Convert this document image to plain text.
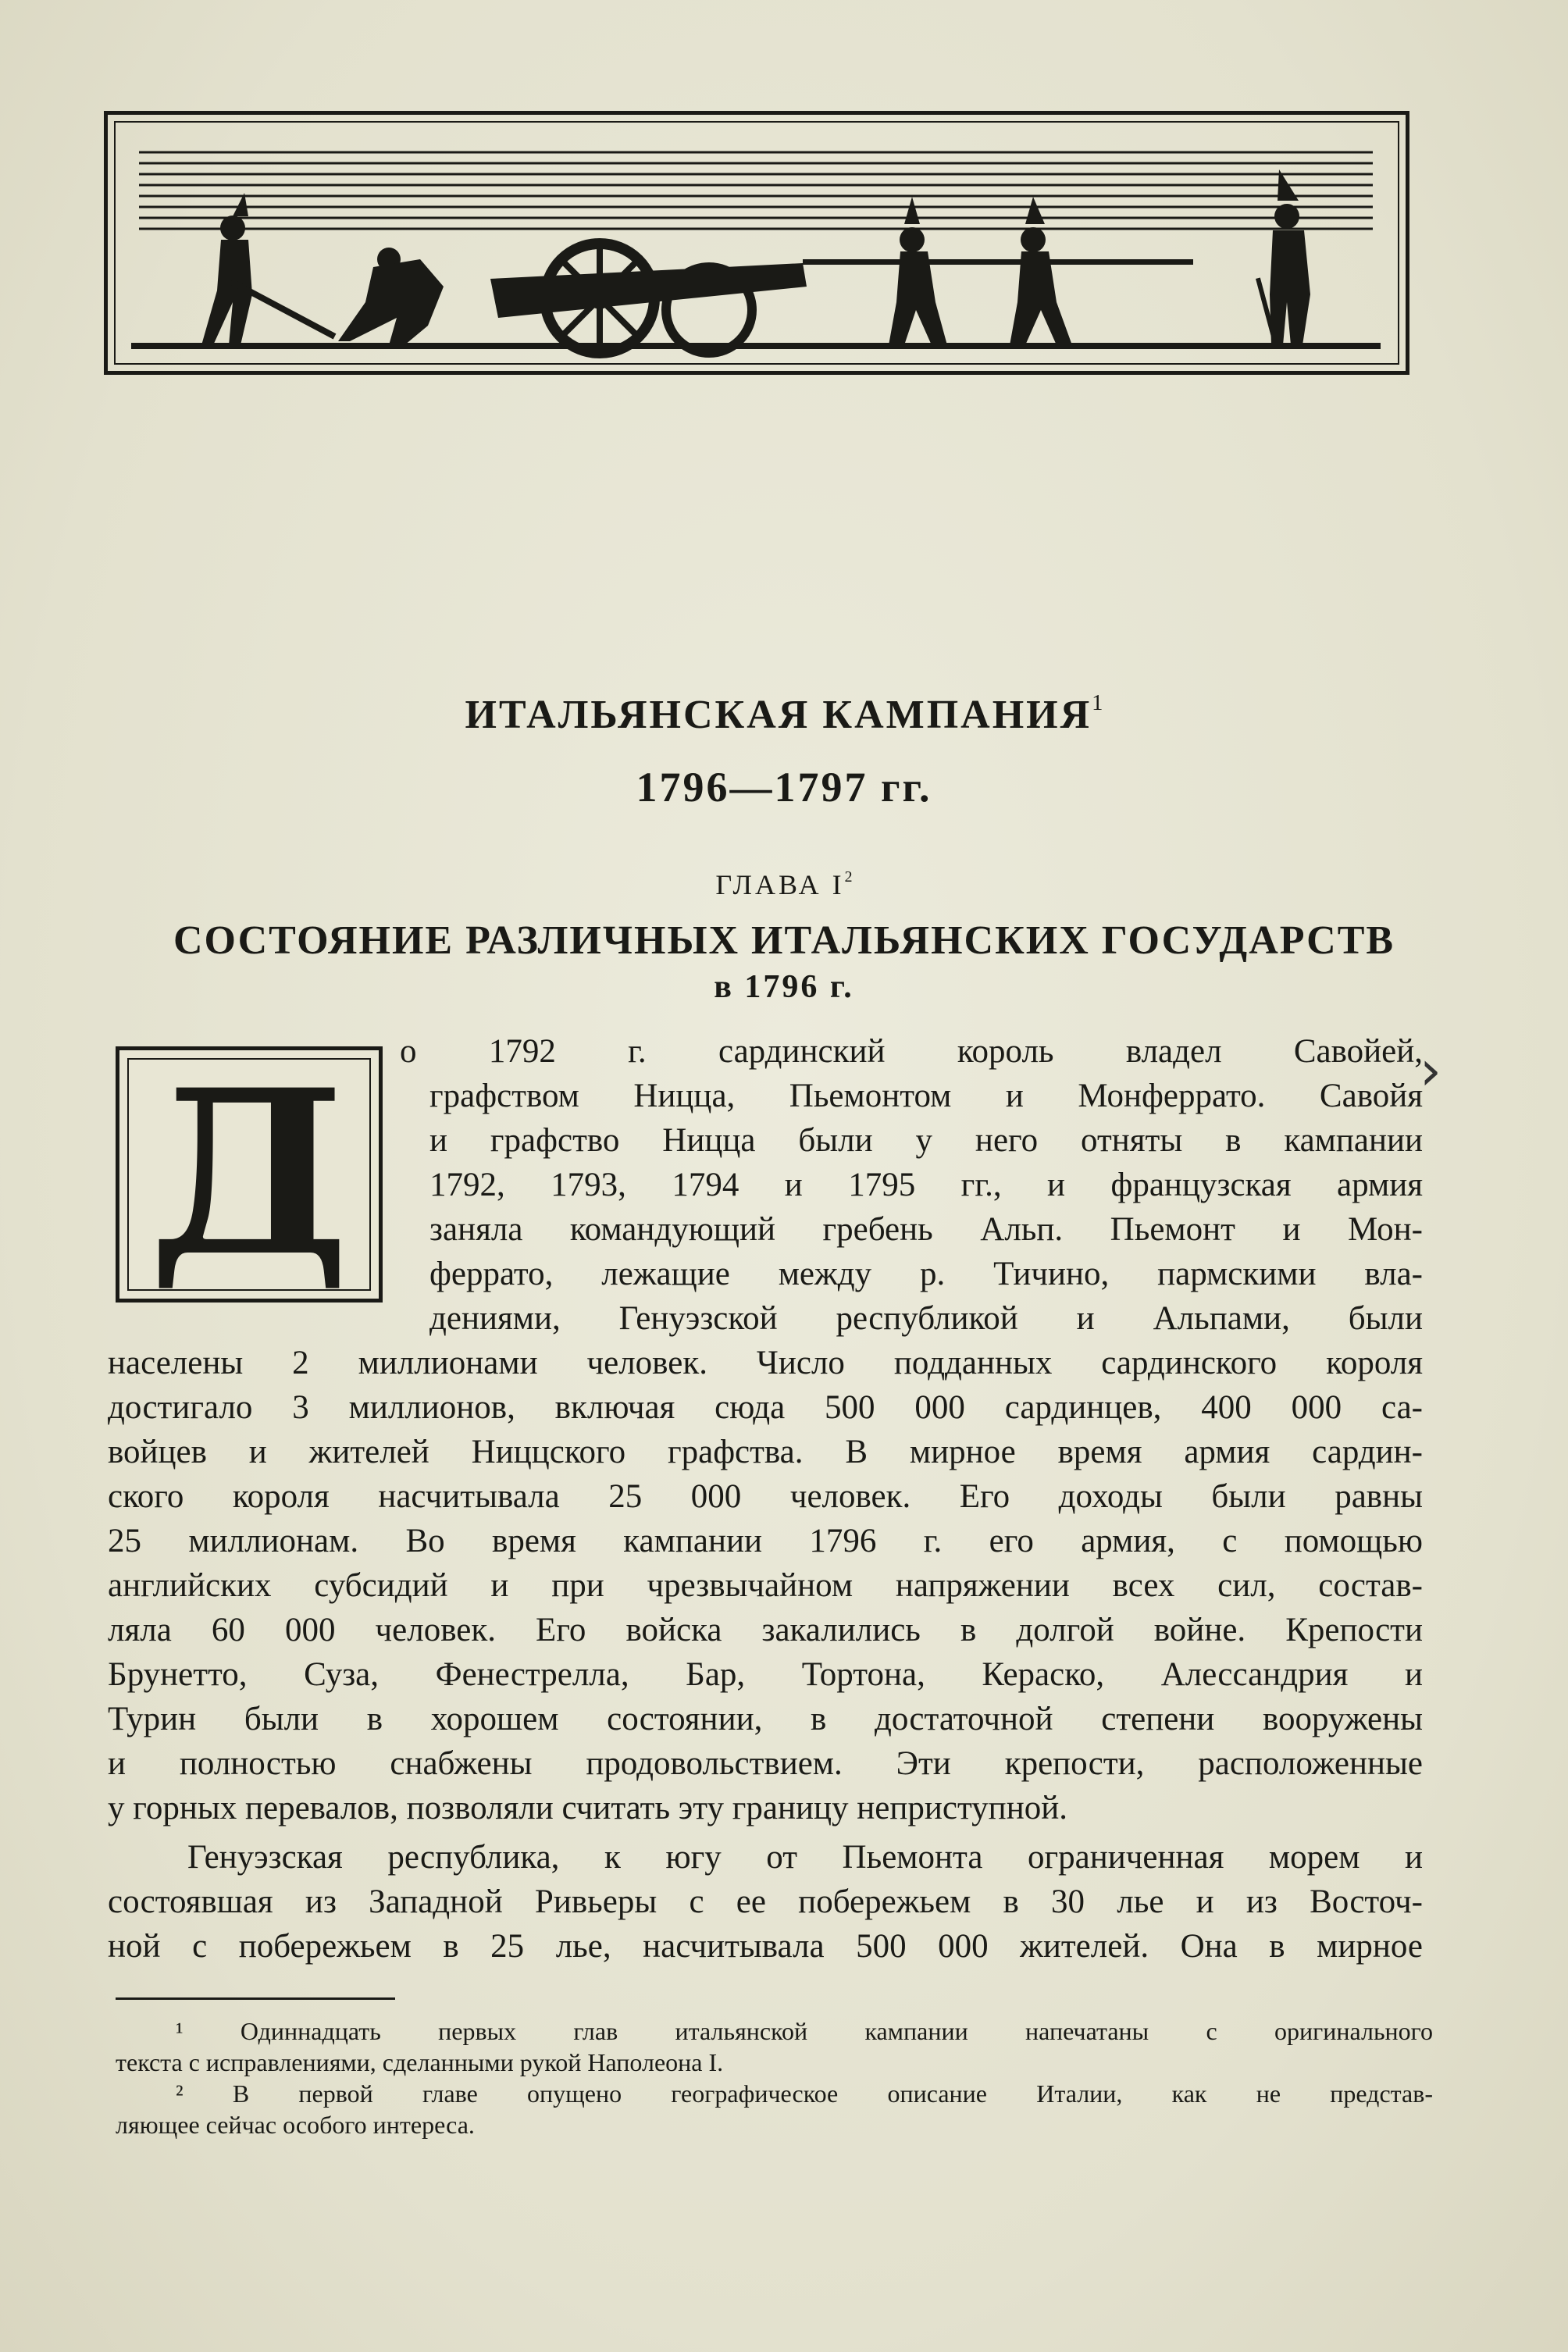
ИТАЛЬЯНСКАЯ КАМПАНИЯ$^1$
1796—1797 гг.
ГЛАВА I$^2$
СОСТОЯНИЕ РАЗЛИЧНЫХ ИТАЛЬЯНСКИХ ГОСУДАРСТВ
в 1796 г.
Д	›
о 1792 г. сардинский король владел Савойей,
графством Ницца, Пьемонтом и Монферрато. Савойя
и графство Ницца были у него отняты в кампании
1792, 1793, 1794 и 1795 гг., и французская армия
заняла командующий гребень Альп. Пьемонт и Мон-
феррато, лежащие между р. Тичино, пармскими вла-
дениями, Генуэзской республикой и Альпами, были
населены 2 миллионами человек. Число подданных сардинского короля
достигало 3 миллионов, включая сюда 500 000 сардинцев, 400 000 са-
войцев и жителей Ниццского графства. В мирное время армия сардин-
ского короля насчитывала 25 000 человек. Его доходы были равны
25 миллионам. Во время кампании 1796 г. его армия, с помощью
английских субсидий и при чрезвычайном напряжении всех сил, состав-
ляла 60 000 человек. Его войска закалились в долгой войне. Крепости
Брунетто, Суза, Фенестрелла, Бар, Тортона, Кераско, Алессандрия и
Турин были в хорошем состоянии, в достаточной степени вооружены
и полностью снабжены продовольствием. Эти крепости, расположенные
у горных перевалов, позволяли считать эту границу неприступной.
Генуэзская республика, к югу от Пьемонта ограниченная морем и
состоявшая из Западной Ривьеры с ее побережьем в 30 лье и из Восточ-
ной с побережьем в 25 лье, насчитывала 500 000 жителей. Она в мирное
¹ Одиннадцать первых глав итальянской кампании напечатаны с оригинального
текста с исправлениями, сделанными рукой Наполеона I.
² В первой главе опущено географическое описание Италии, как не представ-
ляющее сейчас особого интереса.
